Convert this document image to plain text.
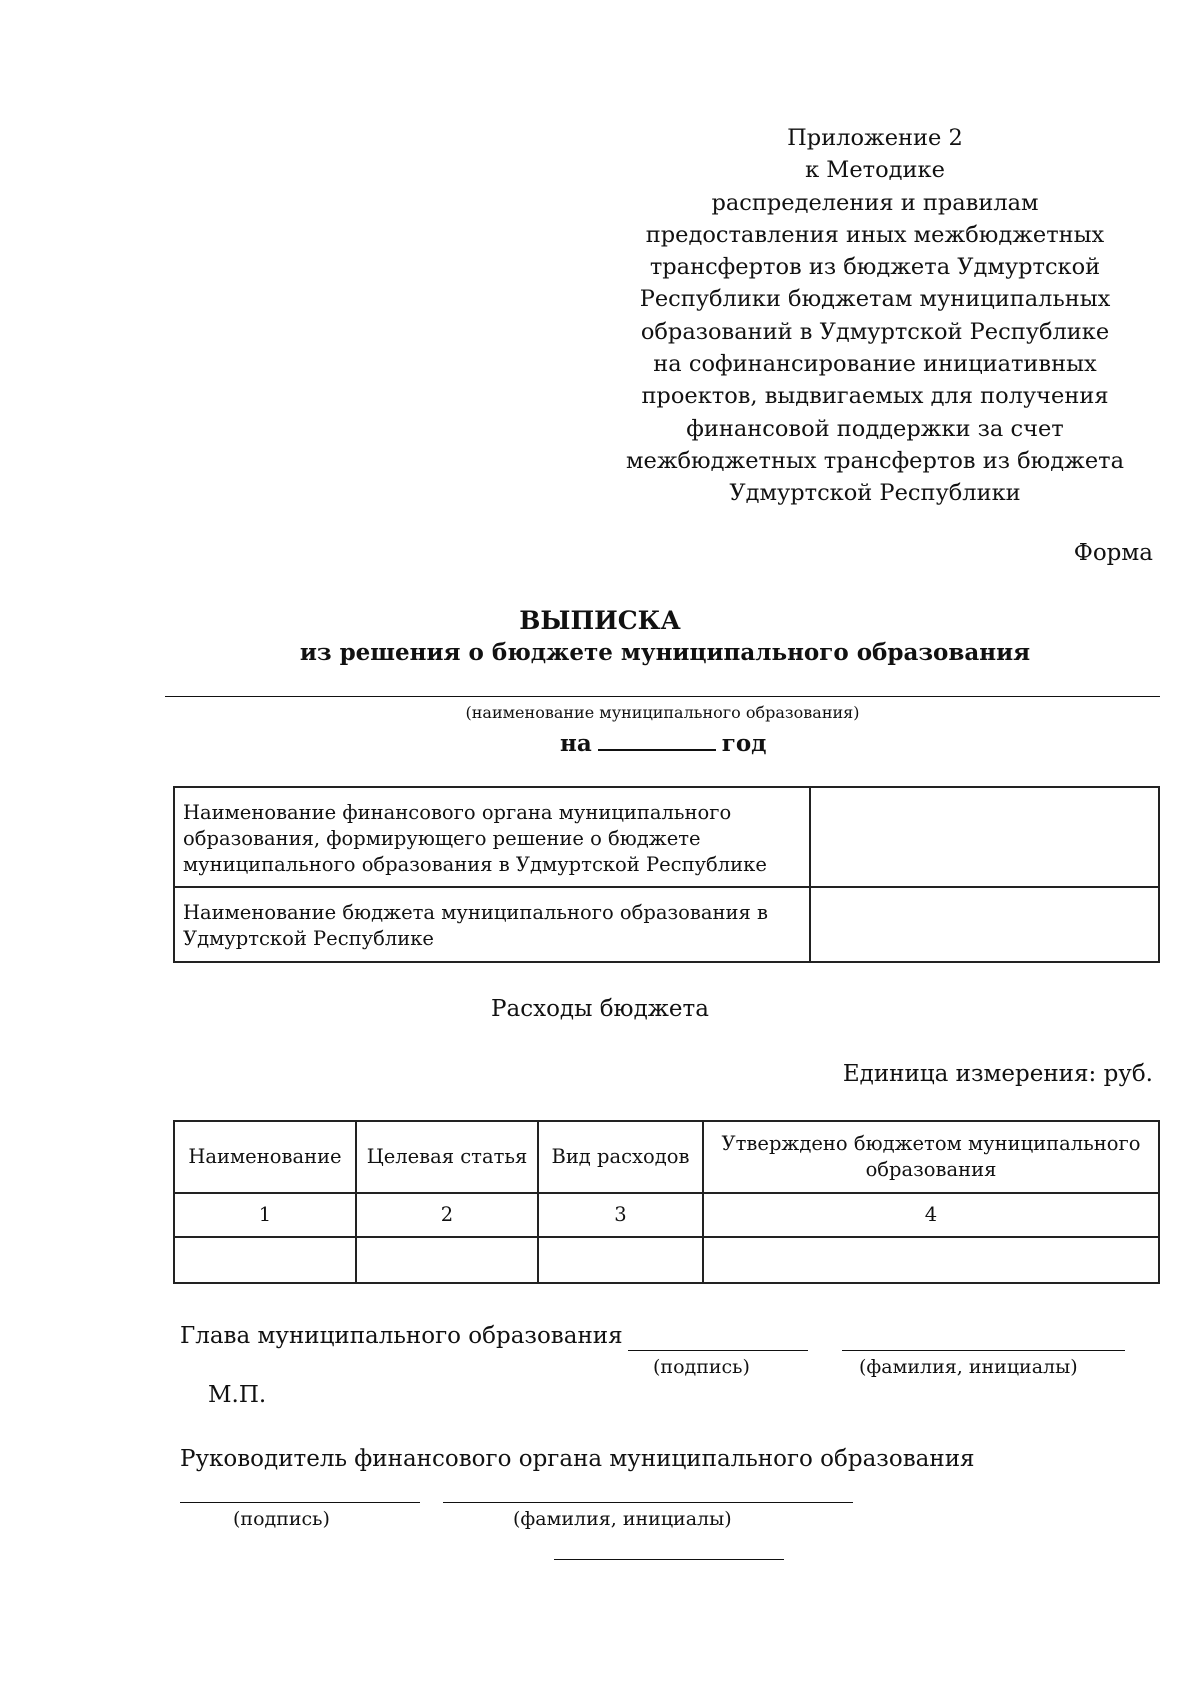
Приложение 2
к Методике
распределения и правилам
предоставления иных межбюджетных
трансфертов из бюджета Удмуртской
Республики бюджетам муниципальных
образований в Удмуртской Республике
на софинансирование инициативных
проектов, выдвигаемых для получения
финансовой поддержки за счет
межбюджетных трансфертов из бюджета
Удмуртской Республики
Форма
ВЫПИСКА
из решения о бюджете муниципального образования
(наименование муниципального образования)
на	год
Наименование финансового органа муниципального образования, формирующего решение о бюджете муниципального образования в Удмуртской Республике	
Наименование бюджета муниципального образования в Удмуртской Республике	
Расходы бюджета
Единица измерения: руб.
Наименование	Целевая статья	Вид расходов	Утверждено бюджетом муниципального образования
1	2	3	4

Глава муниципального образования
(подпись)	(фамилия, инициалы)
М.П.
Руководитель финансового органа муниципального образования
(подпись)	(фамилия, инициалы)
